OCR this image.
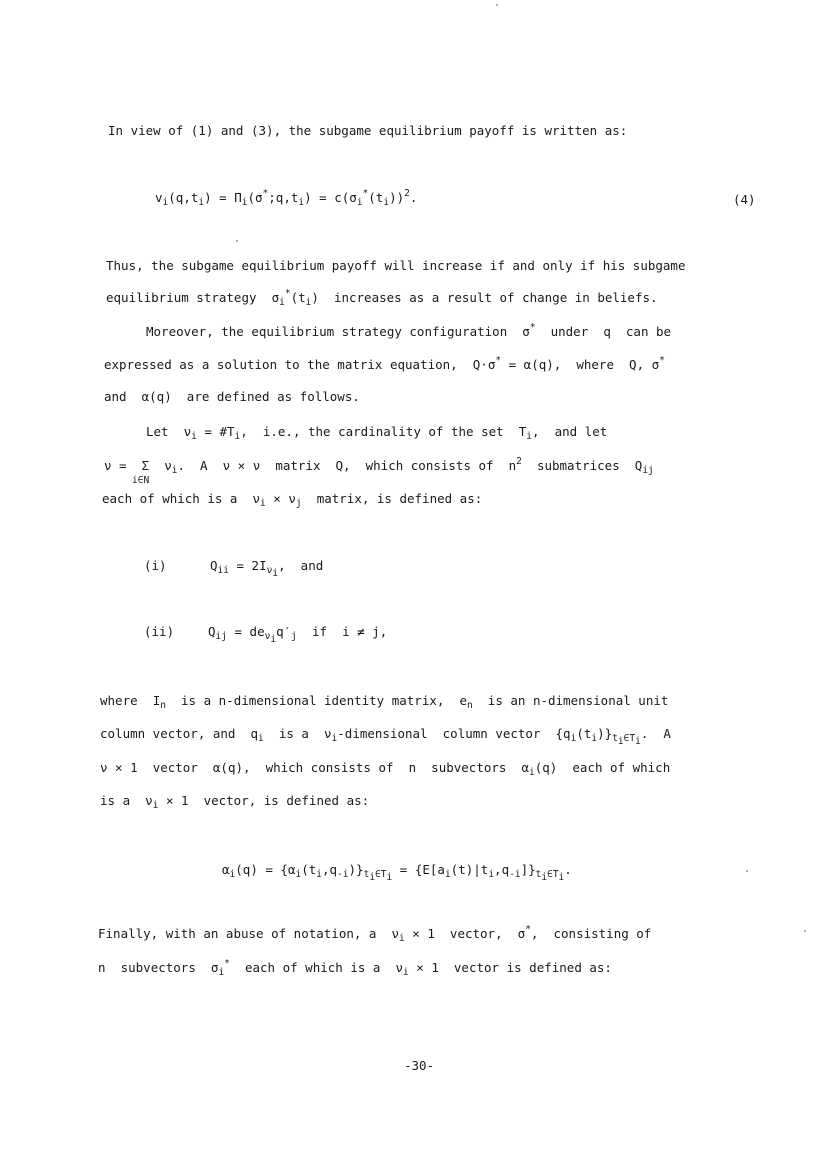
In view of (1) and (3), the subgame equilibrium payoff is written as:
$v_i(q,t_i)$ = $\Pi_i(\sigma^*;q,t_i) = c(\sigma_i^*(t_i))^2$.	(4)
Thus, the subgame equilibrium payoff will increase if and only if his subgame
equilibrium strategy  $\sigma_i^*(t_i)$  increases as a result of change in beliefs.
Moreover, the equilibrium strategy configuration  σ* under q can be
expressed as a solution to the matrix equation,  Q·σ* = α(q),  where  Q, σ*
and  α(q)  are defined as follows.
Let  $\nu_i$ = $\#T_i$,  i.e., the cardinality of the set  $T_i$,  and let
ν =  Σ  $\nu_i$.  A  ν × ν  matrix  Q,  which consists of  $n^2$ submatrices  $Q_{ij}$
i∈N
each of which is a  $\nu_i \times \nu_j$ matrix, is defined as:
(i)	$Q_{ii} = 2I_{\nu_i}$,  and
(ii)	$Q_{ij} = de_{\nu_i}q'_j$ if  i ≠ j,
where  $I_n$ is a n-dimensional identity matrix,  $e_n$ is an n-dimensional unit
column vector, and  $q_i$ is a  $\nu_i$-dimensional column vector  $\{q_i(t_i)\}_{t_i\in T_i}$.  A
ν × 1  vector  α(q),  which consists of n subvectors  $\alpha_i(q)$  each of which
is a  $\nu_i \times 1$  vector, is defined as:
$\alpha_i(q) = \{\alpha_i(t_i,q_{-i})\}_{t_i\in T_i} = \{E[a_i(t)|t_i,q_{-i}]\}_{t_i\in T_i}$.
Finally, with an abuse of notation, a  $\nu_i \times 1$  vector,  σ*,  consisting of
n subvectors  $\sigma_i^*$ each of which is a  $\nu_i \times 1$  vector is defined as:
-30-
